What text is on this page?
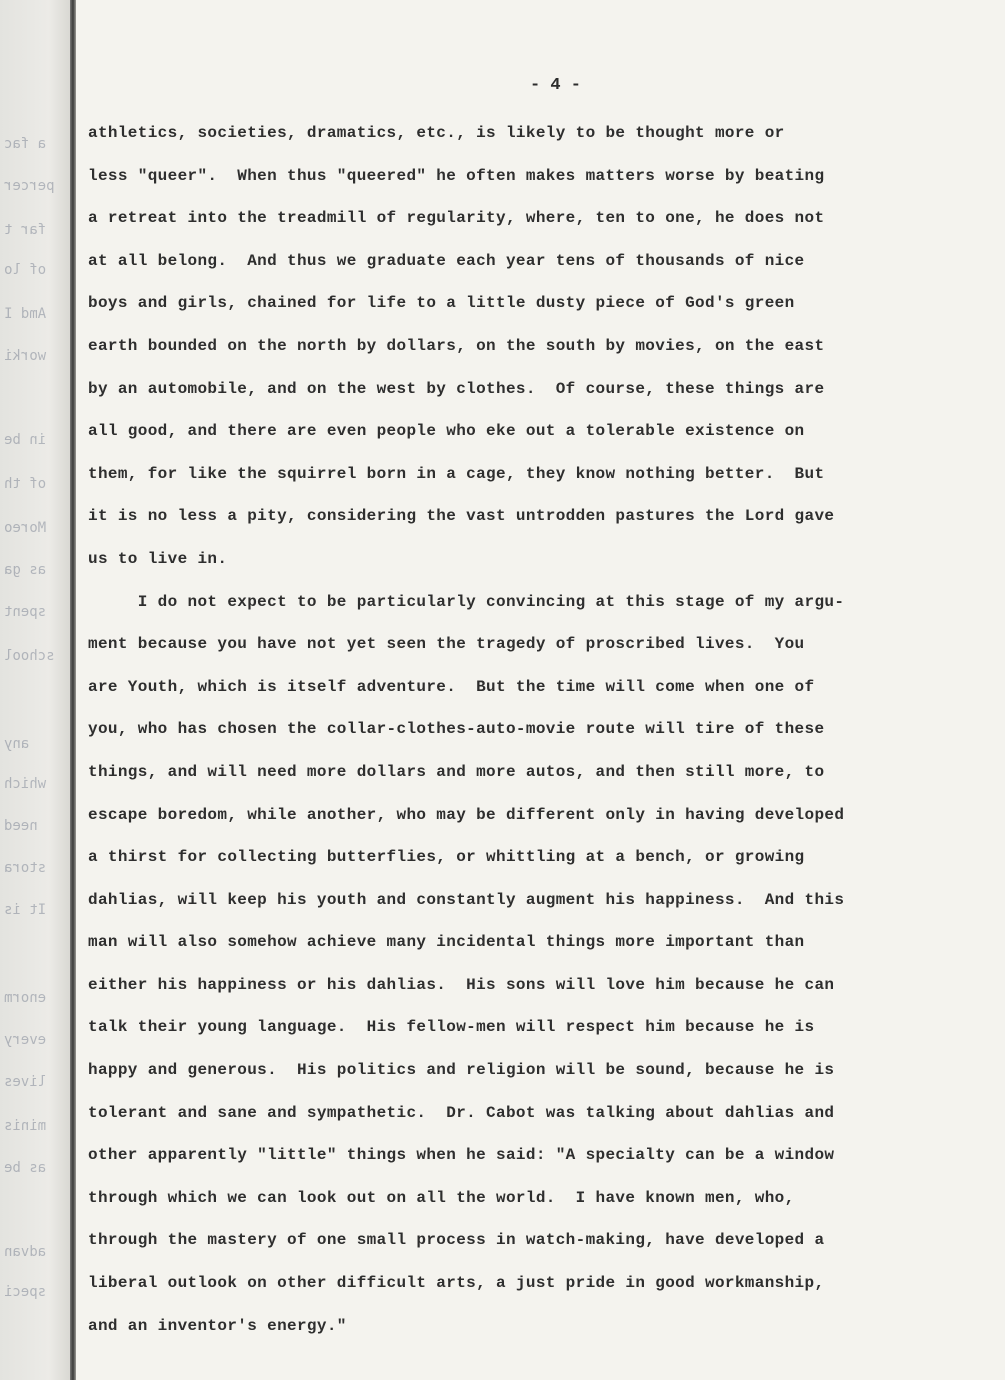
a fac
percer
far t
of lo
Amd I
worki
in be
of th
Moreo
as ga
spent
school
any
which
need
stora
It is
enorm
every
lives
minis
as be
advan
speci
- 4 -
athletics, societies, dramatics, etc., is likely to be thought more or
less "queer".  When thus "queered" he often makes matters worse by beating
a retreat into the treadmill of regularity, where, ten to one, he does not
at all belong.  And thus we graduate each year tens of thousands of nice
boys and girls, chained for life to a little dusty piece of God's green
earth bounded on the north by dollars, on the south by movies, on the east
by an automobile, and on the west by clothes.  Of course, these things are
all good, and there are even people who eke out a tolerable existence on
them, for like the squirrel born in a cage, they know nothing better.  But
it is no less a pity, considering the vast untrodden pastures the Lord gave
us to live in.
I do not expect to be particularly convincing at this stage of my argu-
ment because you have not yet seen the tragedy of proscribed lives.  You
are Youth, which is itself adventure.  But the time will come when one of
you, who has chosen the collar-clothes-auto-movie route will tire of these
things, and will need more dollars and more autos, and then still more, to
escape boredom, while another, who may be different only in having developed
a thirst for collecting butterflies, or whittling at a bench, or growing
dahlias, will keep his youth and constantly augment his happiness.  And this
man will also somehow achieve many incidental things more important than
either his happiness or his dahlias.  His sons will love him because he can
talk their young language.  His fellow-men will respect him because he is
happy and generous.  His politics and religion will be sound, because he is
tolerant and sane and sympathetic.  Dr. Cabot was talking about dahlias and
other apparently "little" things when he said: "A specialty can be a window
through which we can look out on all the world.  I have known men, who,
through the mastery of one small process in watch-making, have developed a
liberal outlook on other difficult arts, a just pride in good workmanship,
and an inventor's energy."
